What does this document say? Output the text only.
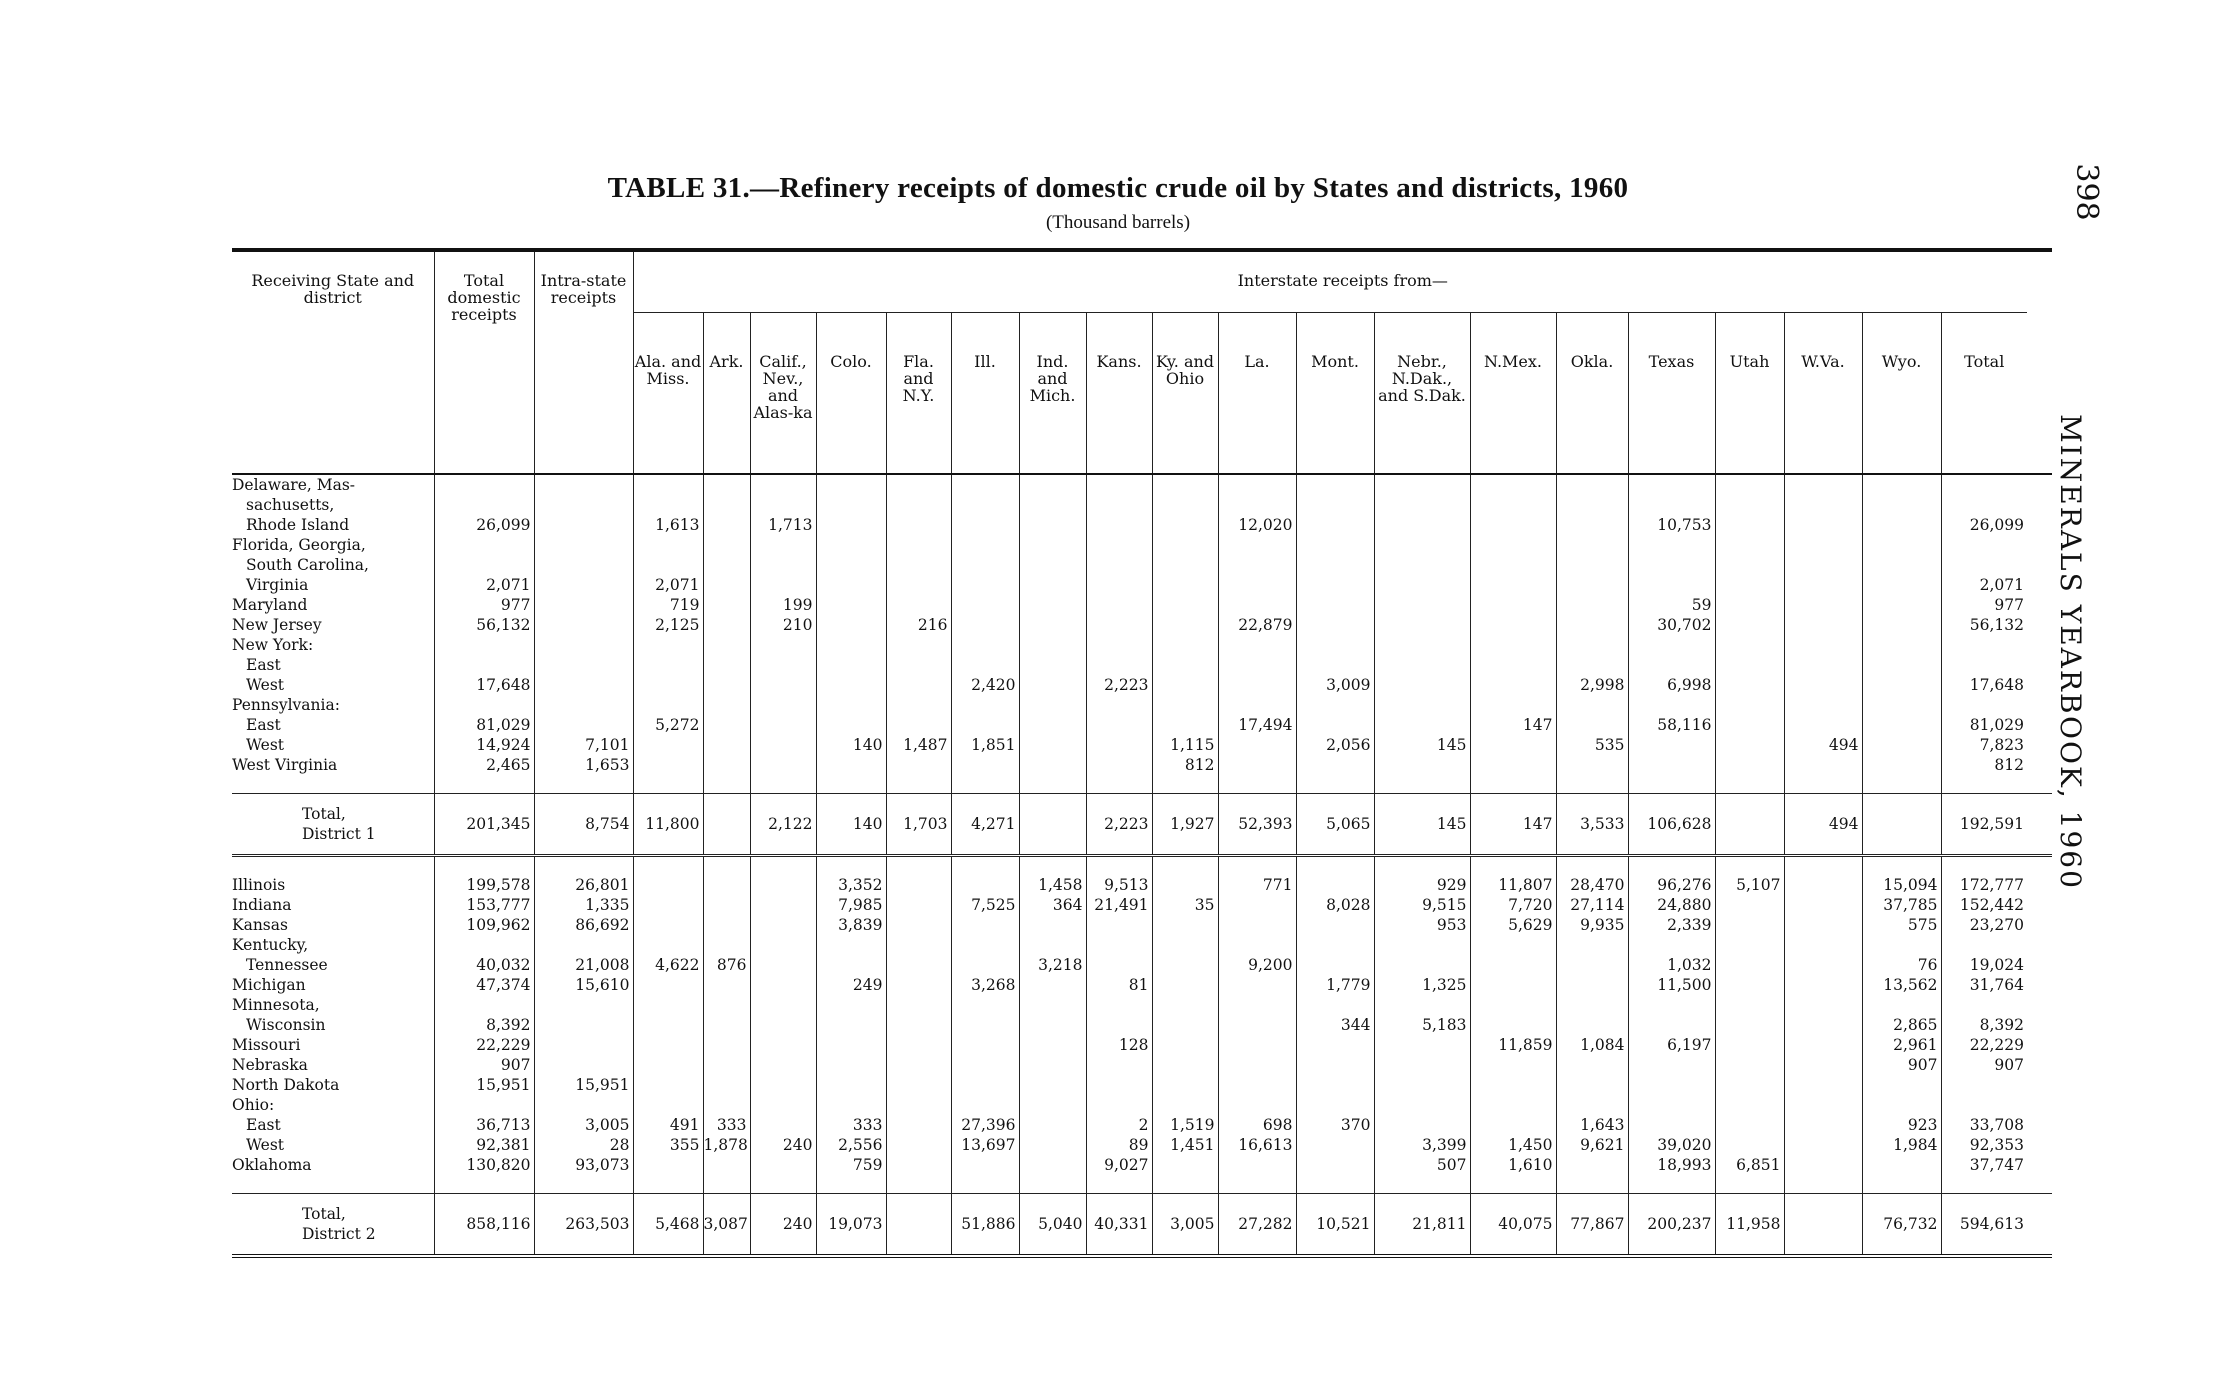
TABLE 31.—Refinery receipts of domestic crude oil by States and districts, 1960
(Thousand barrels)
398
MINERALS YEARBOOK, 1960
Receiving State and district	Total domestic receipts	Intra-state receipts	Interstate receipts from—																		
			Ala. and Miss.	Ark.	Calif., Nev., and Alas-ka	Colo.	Fla. and N.Y.	Ill.	Ind. and Mich.	Kans.	Ky. and Ohio	La.	Mont.	Nebr., N.Dak., and S.Dak.	N.Mex.	Okla.	Texas	Utah	W.Va.	Wyo.	Total
Delaware, Mas-																					
sachusetts,																					
Rhode Island	26,099		1,613		1,713							12,020					10,753				26,099
Florida, Georgia,																					
South Carolina,																					
Virginia	2,071		2,071																		2,071
Maryland	977		719		199												59				977
New Jersey	56,132		2,125		210		216					22,879					30,702				56,132
New York:																					
East																					
West	17,648							2,420		2,223			3,009			2,998	6,998				17,648
Pennsylvania:																					
East	81,029		5,272									17,494			147		58,116				81,029
West	14,924	7,101				140	1,487	1,851			1,115		2,056	145		535			494		7,823
West Virginia	2,465	1,653									812										812

Total,
District 1	201,345	8,754	11,800		2,122	140	1,703	4,271		2,223	1,927	52,393	5,065	145	147	3,533	106,628		494		192,591

Illinois	199,578	26,801				3,352			1,458	9,513		771		929	11,807	28,470	96,276	5,107		15,094	172,777
Indiana	153,777	1,335				7,985		7,525	364	21,491	35		8,028	9,515	7,720	27,114	24,880			37,785	152,442
Kansas	109,962	86,692				3,839								953	5,629	9,935	2,339			575	23,270
Kentucky,																					
Tennessee	40,032	21,008	4,622	876					3,218			9,200					1,032			76	19,024
Michigan	47,374	15,610				249		3,268		81			1,779	1,325			11,500			13,562	31,764
Minnesota,																					
Wisconsin	8,392												344	5,183						2,865	8,392
Missouri	22,229									128					11,859	1,084	6,197			2,961	22,229
Nebraska	907																			907	907
North Dakota	15,951	15,951																			
Ohio:																					
East	36,713	3,005	491	333		333		27,396		2	1,519	698	370			1,643				923	33,708
West	92,381	28	355	1,878	240	2,556		13,697		89	1,451	16,613		3,399	1,450	9,621	39,020			1,984	92,353
Oklahoma	130,820	93,073				759				9,027				507	1,610		18,993	6,851			37,747

Total,
District 2	858,116	263,503	5,468	3,087	240	19,073		51,886	5,040	40,331	3,005	27,282	10,521	21,811	40,075	77,867	200,237	11,958		76,732	594,613
